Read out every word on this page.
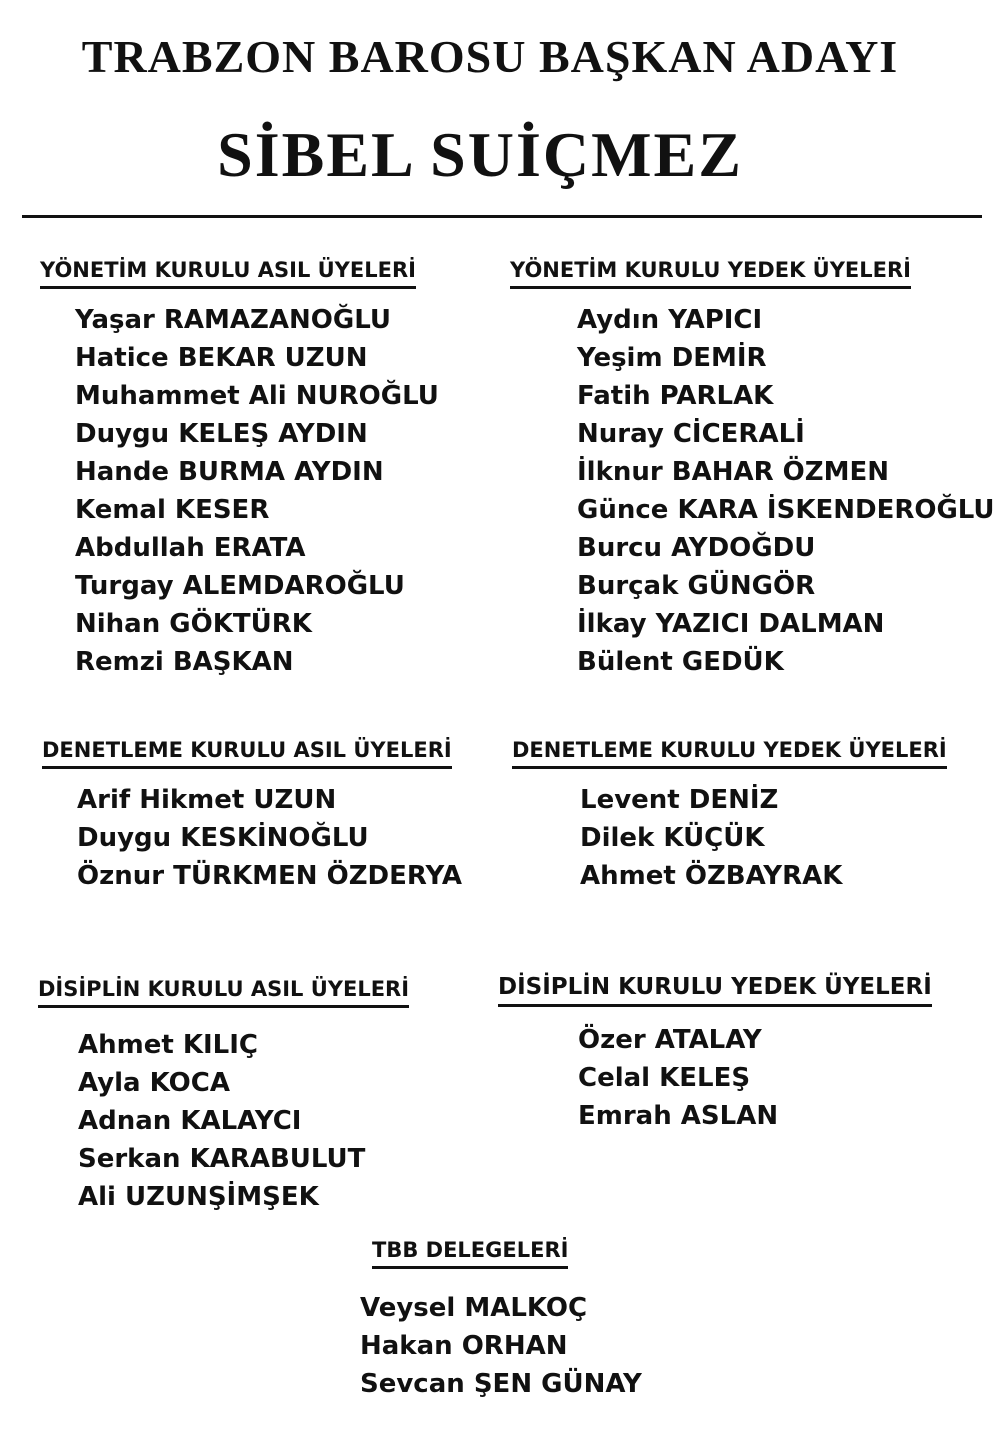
TRABZON BAROSU BAŞKAN ADAYI
SİBEL SUİÇMEZ
YÖNETİM KURULU ASIL ÜYELERİ
Yaşar RAMAZANOĞLU
Hatice BEKAR UZUN
Muhammet Ali NUROĞLU
Duygu KELEŞ AYDIN
Hande BURMA AYDIN
Kemal KESER
Abdullah ERATA
Turgay ALEMDAROĞLU
Nihan GÖKTÜRK
Remzi BAŞKAN
YÖNETİM KURULU YEDEK ÜYELERİ
Aydın YAPICI
Yeşim DEMİR
Fatih PARLAK
Nuray CİCERALİ
İlknur BAHAR ÖZMEN
Günce KARA İSKENDEROĞLU
Burcu AYDOĞDU
Burçak GÜNGÖR
İlkay YAZICI DALMAN
Bülent GEDÜK
DENETLEME KURULU ASIL ÜYELERİ
Arif Hikmet UZUN
Duygu KESKİNOĞLU
Öznur TÜRKMEN ÖZDERYA
DENETLEME KURULU YEDEK ÜYELERİ
Levent DENİZ
Dilek KÜÇÜK
Ahmet ÖZBAYRAK
DİSİPLİN KURULU ASIL ÜYELERİ
Ahmet KILIÇ
Ayla KOCA
Adnan KALAYCI
Serkan KARABULUT
Ali UZUNŞİMŞEK
DİSİPLİN KURULU YEDEK ÜYELERİ
Özer ATALAY
Celal KELEŞ
Emrah ASLAN
TBB DELEGELERİ
Veysel MALKOÇ
Hakan ORHAN
Sevcan ŞEN GÜNAY
